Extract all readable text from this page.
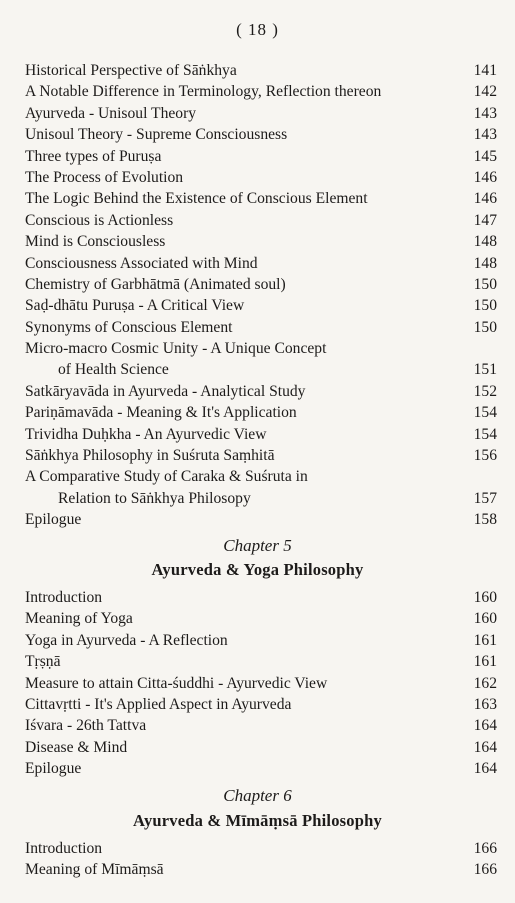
( 18 )
Historical Perspective of Sāṅkhya	141
A Notable Difference in Terminology, Reflection thereon	142
Ayurveda - Unisoul Theory	143
Unisoul Theory - Supreme Consciousness	143
Three types of Puruṣa	145
The Process of Evolution	146
The Logic Behind the Existence of Conscious Element	146
Conscious is Actionless	147
Mind is Consciousless	148
Consciousness Associated with Mind	148
Chemistry of Garbhātmā (Animated soul)	150
Saḍ-dhātu Puruṣa - A Critical View	150
Synonyms of Conscious Element	150
Micro-macro Cosmic Unity - A Unique Concept
of Health Science	151
Satkāryavāda in Ayurveda - Analytical Study	152
Pariṇāmavāda - Meaning & It's Application	154
Trividha Duḥkha - An Ayurvedic View	154
Sāṅkhya Philosophy in Suśruta Saṃhitā	156
A Comparative Study of Caraka & Suśruta in
Relation to Sāṅkhya Philosopy	157
Epilogue	158
Chapter 5
Ayurveda & Yoga Philosophy
Introduction	160
Meaning of Yoga	160
Yoga in Ayurveda - A Reflection	161
Tṛṣṇā	161
Measure to attain Citta-śuddhi - Ayurvedic View	162
Cittavṛtti - It's Applied Aspect in Ayurveda	163
Iśvara - 26th Tattva	164
Disease & Mind	164
Epilogue	164
Chapter 6
Ayurveda & Mīmāṃsā Philosophy
Introduction	166
Meaning of Mīmāṃsā	166
